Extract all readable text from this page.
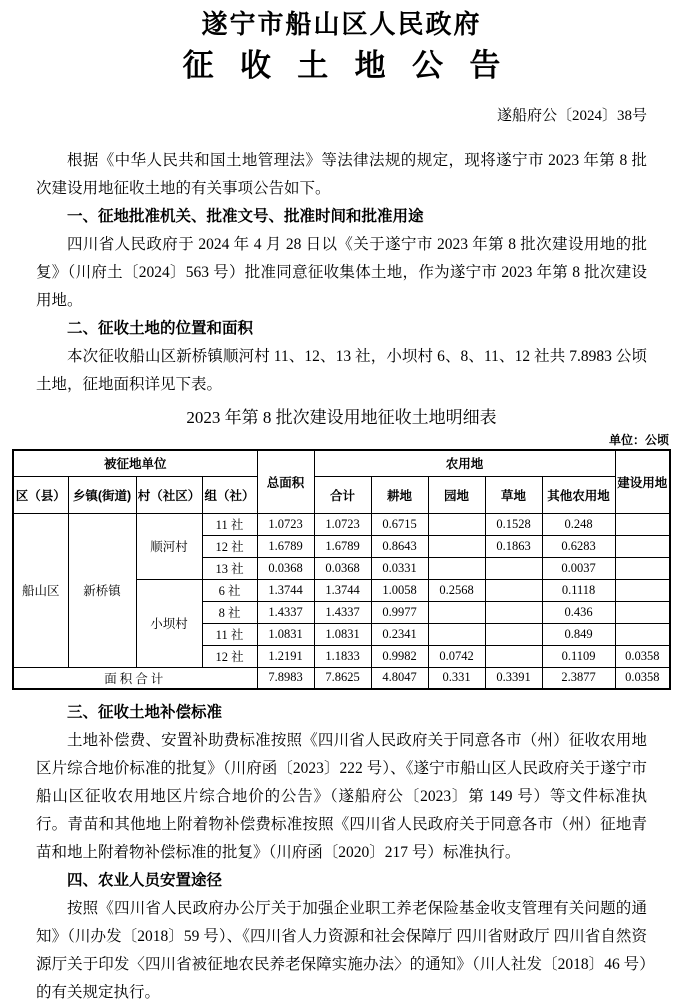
遂宁市船山区人民政府
征收土地公告
遂船府公〔2024〕38号

根据《中华人民共和国土地管理法》等法律法规的规定，现将遂宁市 2023 年第 8 批次建设用地征收土地的有关事项公告如下。

一、征地批准机关、批准文号、批准时间和批准用途

四川省人民政府于 2024 年 4 月 28 日以《关于遂宁市 2023 年第 8 批次建设用地的批复》（川府土〔2024〕563 号）批准同意征收集体土地，作为遂宁市 2023 年第 8 批次建设用地。

二、征收土地的位置和面积

本次征收船山区新桥镇顺河村 11、12、13 社，小坝村 6、8、11、12 社共 7.8983 公顷土地，征地面积详见下表。

2023 年第 8 批次建设用地征收土地明细表
单位：公顷
被征地单位				总面积	农用地					建设用地
区（县）	乡镇(街道)	村（社区）	组（社）		合计	耕地	园地	草地	其他农用地	
船山区	新桥镇	顺河村	11 社	1.0723	1.0723	0.6715		0.1528	0.248	
			12 社	1.6789	1.6789	0.8643		0.1863	0.6283	
			13 社	0.0368	0.0368	0.0331			0.0037	
		小坝村	6 社	1.3744	1.3744	1.0058	0.2568		0.1118	
			8 社	1.4337	1.4337	0.9977			0.436	
			11 社	1.0831	1.0831	0.2341			0.849	
			12 社	1.2191	1.1833	0.9982	0.0742		0.1109	0.0358
面积合计				7.8983	7.8625	4.8047	0.331	0.3391	2.3877	0.0358

三、征收土地补偿标准

土地补偿费、安置补助费标准按照《四川省人民政府关于同意各市（州）征收农用地区片综合地价标准的批复》（川府函〔2023〕222 号）、《遂宁市船山区人民政府关于遂宁市船山区征收农用地区片综合地价的公告》（遂船府公〔2023〕第 149 号）等文件标准执行。青苗和其他地上附着物补偿费标准按照《四川省人民政府关于同意各市（州）征地青苗和地上附着物补偿标准的批复》（川府函〔2020〕217 号）标准执行。

四、农业人员安置途径

按照《四川省人民政府办公厅关于加强企业职工养老保险基金收支管理有关问题的通知》（川办发〔2018〕59 号）、《四川省人力资源和社会保障厅 四川省财政厅 四川省自然资源厅关于印发〈四川省被征地农民养老保障实施办法〉的通知》（川人社发〔2018〕46 号）的有关规定执行。
